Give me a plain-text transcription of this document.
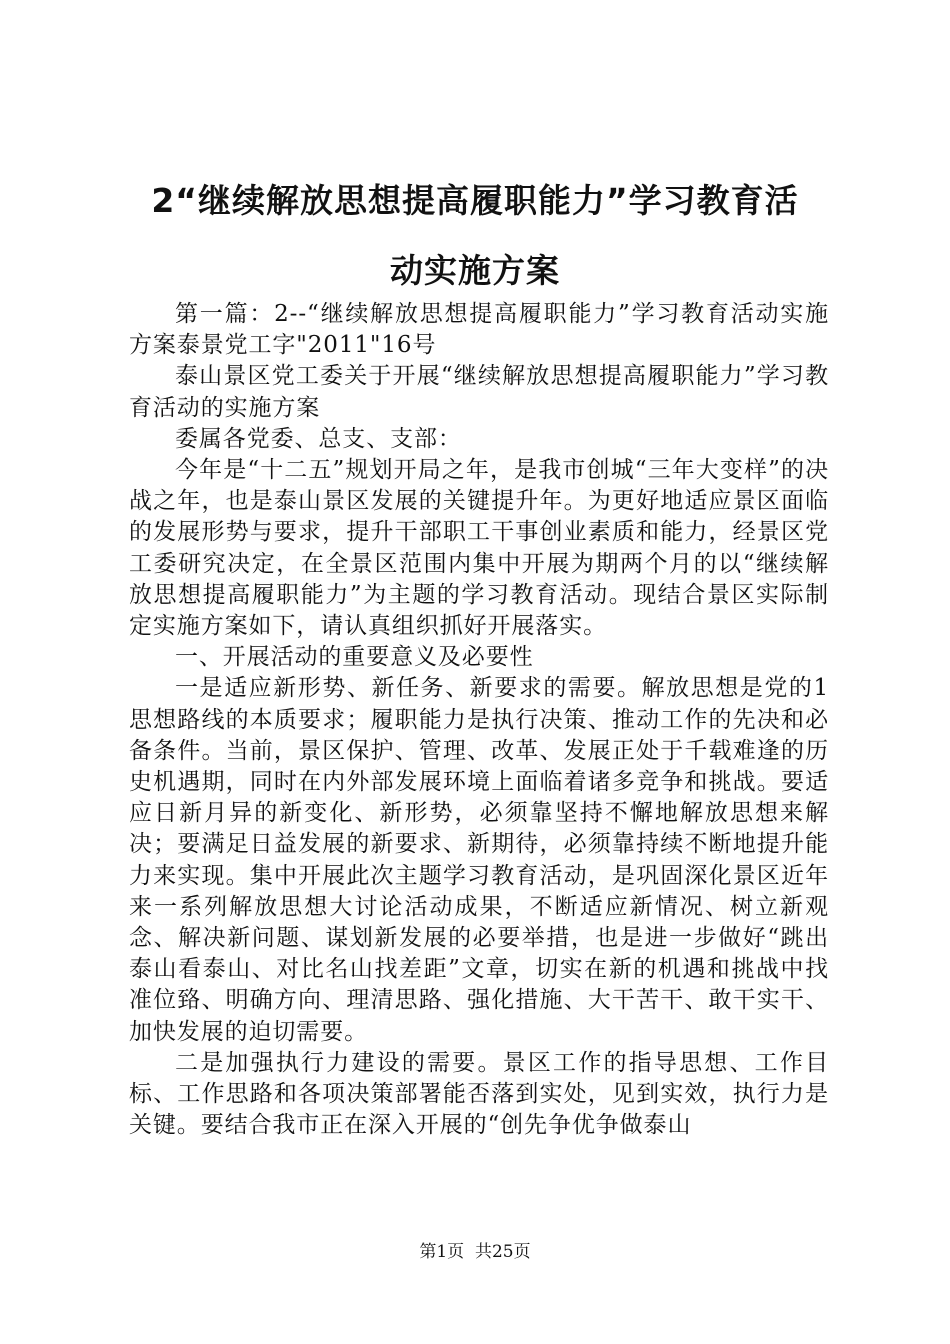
2“继续解放思想提高履职能力”学习教育活
动实施方案

第一篇：2--“继续解放思想提高履职能力”学习教育活动实施方案泰景党工字"2011"16号

泰山景区党工委关于开展“继续解放思想提高履职能力”学习教育活动的实施方案

委属各党委、总支、支部：

今年是“十二五”规划开局之年，是我市创城“三年大变样”的决战之年，也是泰山景区发展的关键提升年。为更好地适应景区面临的发展形势与要求，提升干部职工干事创业素质和能力，经景区党工委研究决定，在全景区范围内集中开展为期两个月的以“继续解放思想提高履职能力”为主题的学习教育活动。现结合景区实际制定实施方案如下，请认真组织抓好开展落实。

一、开展活动的重要意义及必要性

一是适应新形势、新任务、新要求的需要。解放思想是党的1思想路线的本质要求；履职能力是执行决策、推动工作的先决和必备条件。当前，景区保护、管理、改革、发展正处于千载难逢的历史机遇期，同时在内外部发展环境上面临着诸多竞争和挑战。要适应日新月异的新变化、新形势，必须靠坚持不懈地解放思想来解决；要满足日益发展的新要求、新期待，必须靠持续不断地提升能力来实现。集中开展此次主题学习教育活动，是巩固深化景区近年来一系列解放思想大讨论活动成果，不断适应新情况、树立新观念、解决新问题、谋划新发展的必要举措，也是进一步做好“跳出泰山看泰山、对比名山找差距”文章，切实在新的机遇和挑战中找准位臵、明确方向、理清思路、强化措施、大干苦干、敢干实干、加快发展的迫切需要。

二是加强执行力建设的需要。景区工作的指导思想、工作目标、工作思路和各项决策部署能否落到实处，见到实效，执行力是关键。要结合我市正在深入开展的“创先争优争做泰山

第1页  共25页
